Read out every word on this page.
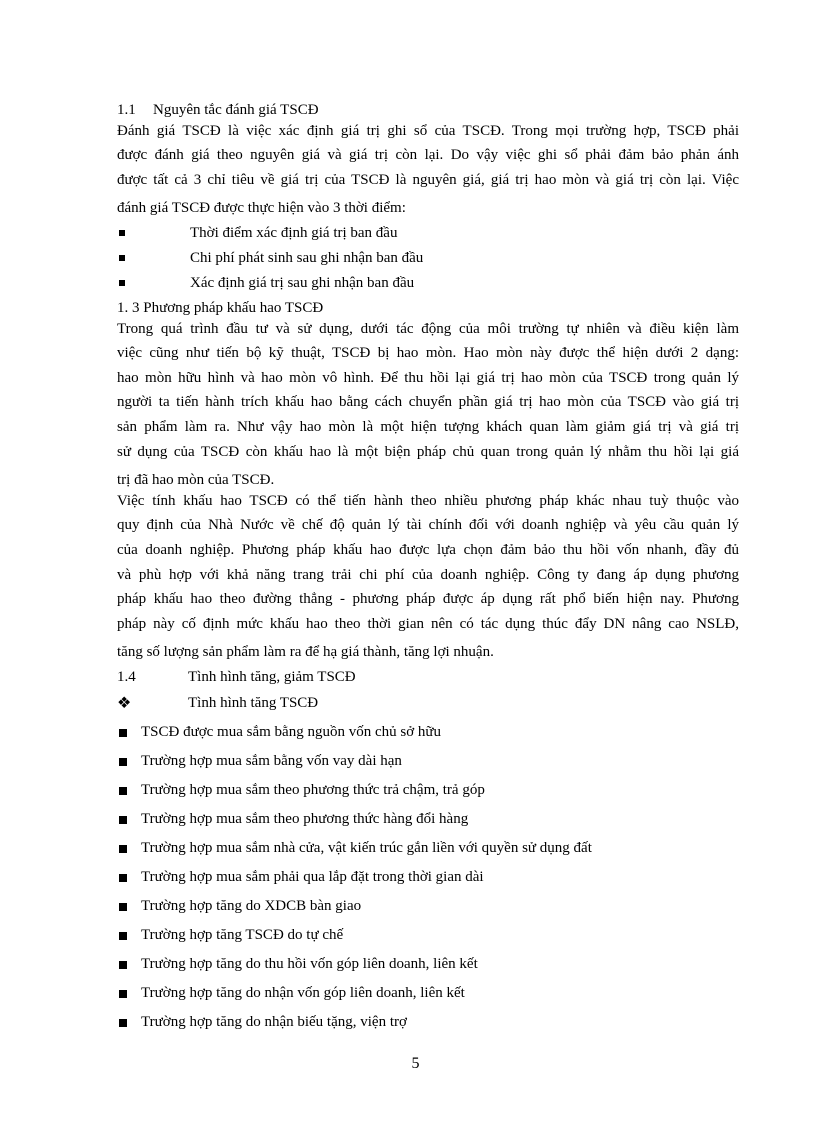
1.1 Nguyên tắc đánh giá TSCĐ
Đánh giá TSCĐ là việc xác định giá trị ghi sổ của TSCĐ. Trong mọi trường hợp, TSCĐ phải
được đánh giá theo nguyên giá và giá trị còn lại. Do vậy việc ghi sổ phải đảm bảo phản ánh
được tất cả 3 chỉ tiêu về giá trị của TSCĐ là nguyên giá, giá trị hao mòn và giá trị còn lại. Việc
đánh giá TSCĐ được thực hiện vào 3 thời điểm:
Thời điểm xác định giá trị ban đầu
Chi phí phát sinh sau ghi nhận ban đầu
Xác định giá trị sau ghi nhận ban đầu
1. 3 Phương pháp khấu hao TSCĐ
Trong quá trình đầu tư và sử dụng, dưới tác động của môi trường tự nhiên và điều kiện làm
việc cũng như tiến bộ kỹ thuật, TSCĐ bị hao mòn. Hao mòn này được thể hiện dưới 2 dạng:
hao mòn hữu hình và hao mòn vô hình. Để thu hồi lại giá trị hao mòn của TSCĐ trong quản lý
người ta tiến hành trích khấu hao bằng cách chuyển phần giá trị hao mòn của TSCĐ vào giá trị
sản phẩm làm ra. Như vậy hao mòn là một hiện tượng khách quan làm giảm giá trị và giá trị
sử dụng của TSCĐ còn khấu hao là một biện pháp chủ quan trong quản lý nhằm thu hồi lại giá
trị đã hao mòn của TSCĐ.
Việc tính khấu hao TSCĐ có thể tiến hành theo nhiều phương pháp khác nhau tuỳ thuộc vào
quy định của Nhà Nước về chế độ quản lý tài chính đối với doanh nghiệp và yêu cầu quản lý
của doanh nghiệp. Phương pháp khấu hao được lựa chọn đảm bảo thu hồi vốn nhanh, đầy đủ
và phù hợp với khả năng trang trải chi phí của doanh nghiệp. Công ty đang áp dụng phương
pháp khấu hao theo đường thẳng - phương pháp được áp dụng rất phổ biến hiện nay. Phương
pháp này cố định mức khấu hao theo thời gian nên có tác dụng thúc đẩy DN nâng cao NSLĐ,
tăng số lượng sản phẩm làm ra để hạ giá thành, tăng lợi nhuận.
1.4	Tình hình tăng, giảm TSCĐ
❖	Tình hình tăng TSCĐ
TSCĐ được mua sắm bằng nguồn vốn chủ sở hữu
Trường hợp mua sắm bằng vốn vay dài hạn
Trường hợp mua sắm theo phương thức trả chậm, trả góp
Trường hợp mua sắm theo phương thức hàng đổi hàng
Trường hợp mua sắm nhà cửa, vật kiến trúc gắn liền với quyền sử dụng đất
Trường hợp mua sắm phải qua lắp đặt trong thời gian dài
Trường hợp tăng do XDCB bàn giao
Trường hợp tăng TSCĐ do tự chế
Trường hợp tăng do thu hồi vốn góp liên doanh, liên kết
Trường hợp tăng do nhận vốn góp liên doanh, liên kết
Trường hợp tăng do nhận biếu tặng, viện trợ
5
